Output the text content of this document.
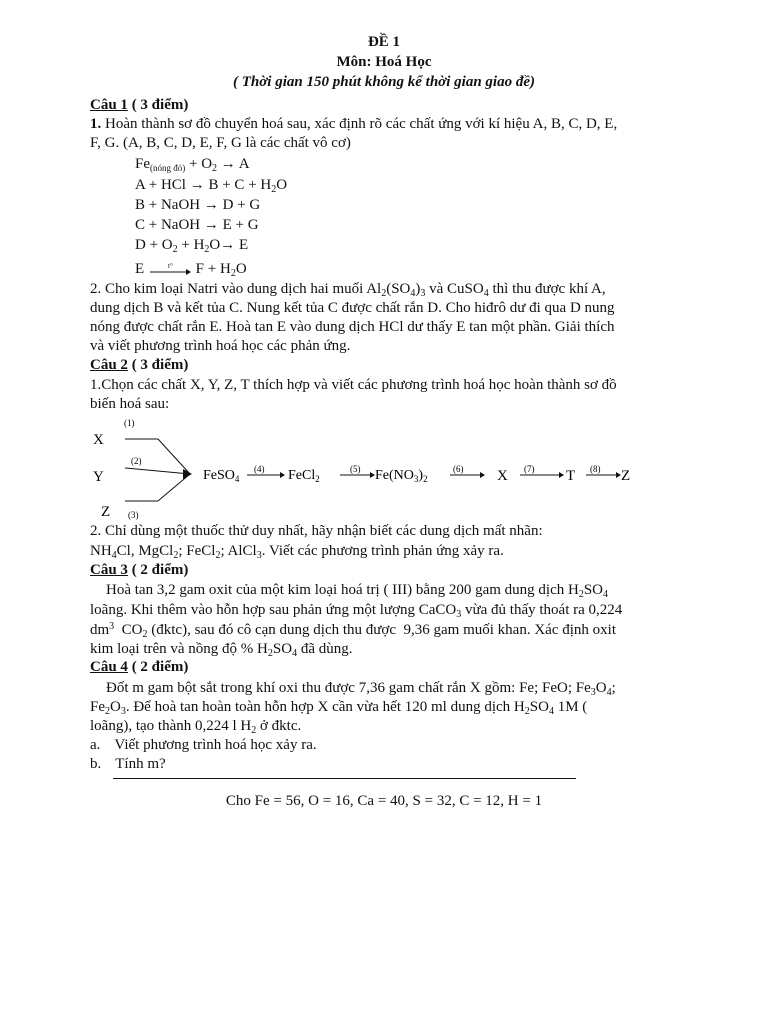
ĐỀ 1
Môn: Hoá Học
( Thời gian 150 phút không kể thời gian giao đề)
Câu 1 ( 3 điểm)
1. Hoàn thành sơ đồ chuyển hoá sau, xác định rõ các chất ứng với kí hiệu A, B, C, D, E,
F, G. (A, B, C, D, E, F, G là các chất vô cơ)
$Fe_{(nóng đỏ)} + O_2 \to A$
A + HCl → $B + C + H_2O$
B + NaOH → D + G
C + NaOH → E + G
$D + O_2 + H_2O\to E$
E	t° $F + H_2O$
2. Cho kim loại Natri vào dung dịch hai muối $Al_2(SO_4)_3$ và CuSO$_4$ thì thu được khí A,
dung dịch B và kết tủa C. Nung kết tủa C được chất rắn D. Cho hiđrô dư đi qua D nung
nóng được chất rắn E. Hoà tan E vào dung dịch HCl dư thấy E tan một phần. Giải thích
và viết phương trình hoá học các phản ứng.
Câu 2 ( 3 điểm)
1.Chọn các chất X, Y, Z, T thích hợp và viết các phương trình hoá học hoàn thành sơ đồ
biến hoá sau:
X
Y
Z
(1)
(2)
(3)
FeSO$_4$
(4) FeCl$_2$
(5) $Fe(NO_3)_2$
(6) X (7) T (8) Z
2. Chỉ dùng một thuốc thử duy nhất, hãy nhận biết các dung dịch mất nhãn:
$NH_4Cl$, MgCl$_2$; FeCl$_2$; AlCl$_3$. Viết các phương trình phản ứng xảy ra.
Câu 3 ( 2 điểm)
Hoà tan 3,2 gam oxit của một kim loại hoá trị ( III) bằng 200 gam dung dịch $H_2SO_4$
loãng. Khi thêm vào hỗn hợp sau phản ứng một lượng CaCO$_3$ vừa đủ thấy thoát ra 0,224
$dm^3$  $CO_2$ (đktc), sau đó cô cạn dung dịch thu được  9,36 gam muối khan. Xác định oxit
kim loại trên và nồng độ % $H_2SO_4$ đã dùng.
Câu 4 ( 2 điểm)
Đốt m gam bột sắt trong khí oxi thu được 7,36 gam chất rắn X gồm: Fe; FeO; $Fe_3O_4$;
$Fe_2O_3$. Để hoà tan hoàn toàn hỗn hợp X cần vừa hết 120 ml dung dịch $H_2SO_4$ 1M (
loãng), tạo thành 0,224 l $H_2$ ở đktc.
a. Viết phương trình hoá học xảy ra.
b. Tính m?
Cho Fe = 56, O = 16, Ca = 40, S = 32, C = 12, H = 1
